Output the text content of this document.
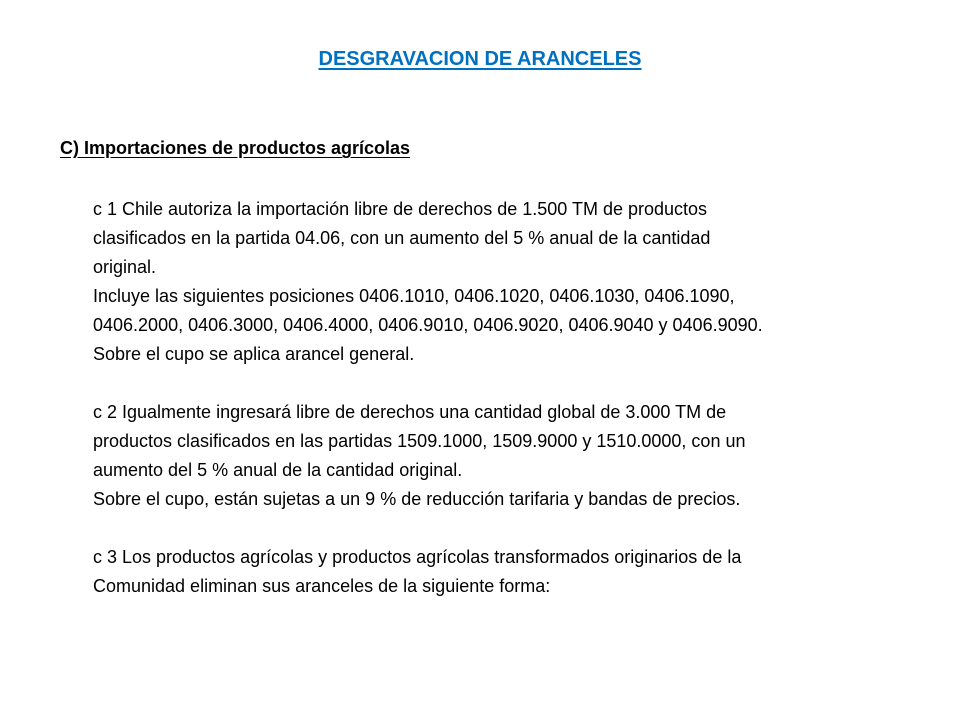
DESGRAVACION DE ARANCELES
C) Importaciones de productos agrícolas
c 1 Chile autoriza la importación libre de derechos de 1.500 TM de productos
clasificados en la partida 04.06, con un aumento del 5 % anual de la cantidad
original.
Incluye las siguientes posiciones 0406.1010, 0406.1020, 0406.1030, 0406.1090,
0406.2000, 0406.3000, 0406.4000, 0406.9010, 0406.9020, 0406.9040 y 0406.9090.
Sobre el cupo se aplica arancel general.
c 2 Igualmente ingresará libre de derechos una cantidad global de 3.000 TM de
productos clasificados en las partidas 1509.1000, 1509.9000 y 1510.0000, con un
aumento del 5 % anual de la cantidad original.
Sobre el cupo, están sujetas a un 9 % de reducción tarifaria y bandas de precios.
c 3 Los productos agrícolas y productos agrícolas transformados originarios de la
Comunidad eliminan sus aranceles de la siguiente forma:
